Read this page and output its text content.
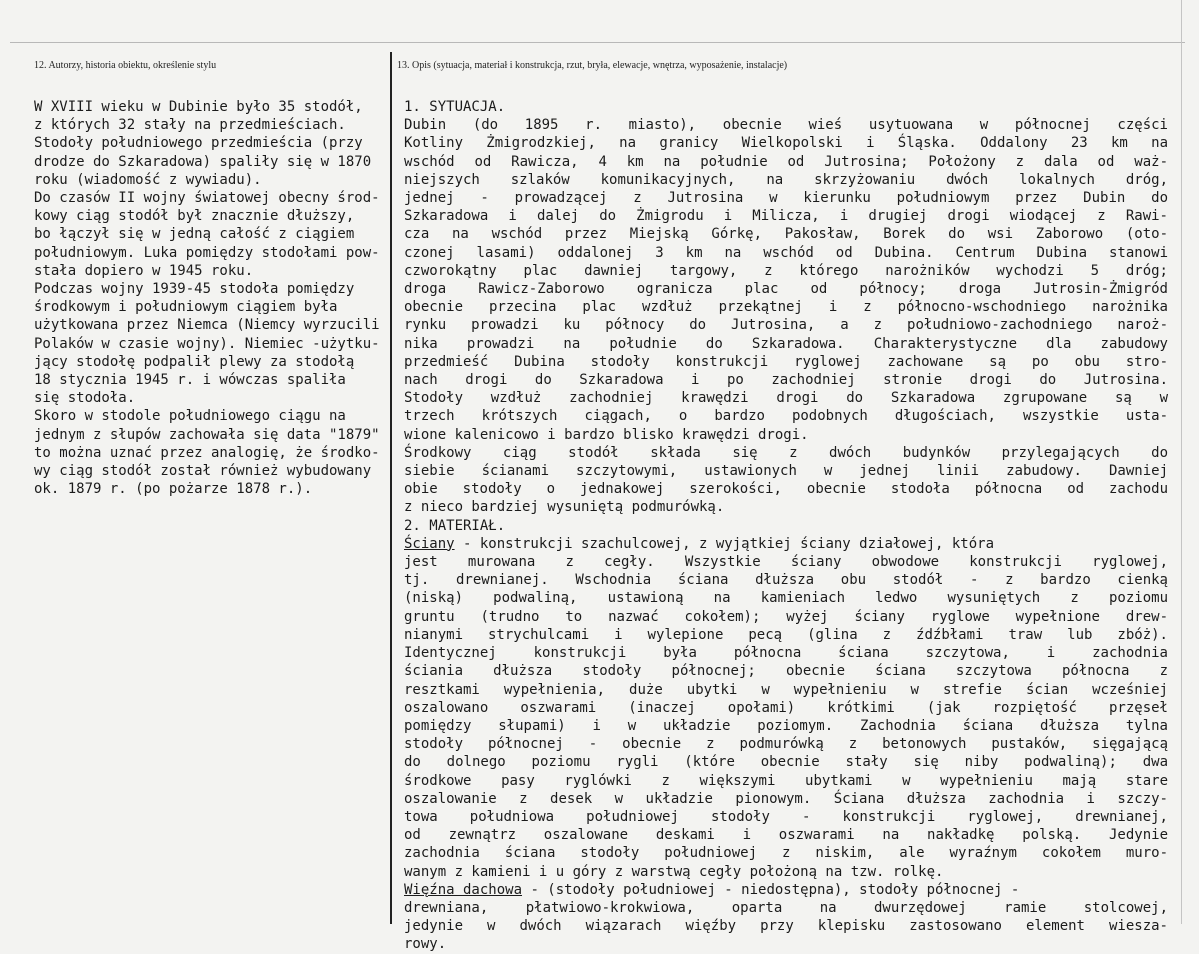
12. Autorzy, historia obiektu, określenie stylu	13. Opis (sytuacja, materiał i konstrukcja, rzut, bryła, elewacje, wnętrza, wyposażenie, instalacje)
W XVIII wieku w Dubinie było 35 stodół,
z których 32 stały na przedmieściach.
Stodoły południowego przedmieścia (przy
drodze do Szkaradowa) spaliły się w 1870
roku (wiadomość z wywiadu).
Do czasów II wojny światowej obecny środ-
kowy ciąg stodół był znacznie dłuższy,
bo łączył się w jedną całość z ciągiem
południowym. Luka pomiędzy stodołami pow-
stała dopiero w 1945 roku.
Podczas wojny 1939-45 stodoła pomiędzy
środkowym i południowym ciągiem była
użytkowana przez Niemca (Niemcy wyrzucili
Polaków w czasie wojny). Niemiec -użytku-
jący stodołę podpalił plewy za stodołą
18 stycznia 1945 r. i wówczas spaliła
się stodoła.
Skoro w stodole południowego ciągu na
jednym z słupów zachowała się data "1879"
to można uznać przez analogię, że środko-
wy ciąg stodół został również wybudowany
ok. 1879 r. (po pożarze 1878 r.).
1. SYTUACJA.
Dubin (do 1895 r. miasto), obecnie wieś usytuowana w północnej części
Kotliny Żmigrodzkiej, na granicy Wielkopolski i Śląska. Oddalony 23 km na
wschód od Rawicza, 4 km na południe od Jutrosina; Położony z dala od waż-
niejszych szlaków komunikacyjnych, na skrzyżowaniu dwóch lokalnych dróg,
jednej - prowadzącej z Jutrosina w kierunku południowym przez Dubin do
Szkaradowa i dalej do Żmigrodu i Milicza, i drugiej drogi wiodącej z Rawi-
cza na wschód przez Miejską Górkę, Pakosław, Borek do wsi Zaborowo (oto-
czonej lasami) oddalonej 3 km na wschód od Dubina. Centrum Dubina stanowi
czworokątny plac dawniej targowy, z którego narożników wychodzi 5 dróg;
droga Rawicz-Zaborowo ogranicza plac od północy; droga Jutrosin-Żmigród
obecnie przecina plac wzdłuż przekątnej i z północno-wschodniego narożnika
rynku prowadzi ku północy do Jutrosina, a z południowo-zachodniego naroż-
nika prowadzi na południe do Szkaradowa. Charakterystyczne dla zabudowy
przedmieść Dubina stodoły konstrukcji ryglowej zachowane są po obu stro-
nach drogi do Szkaradowa i po zachodniej stronie drogi do Jutrosina.
Stodoły wzdłuż zachodniej krawędzi drogi do Szkaradowa zgrupowane są w
trzech krótszych ciągach, o bardzo podobnych długościach, wszystkie usta-
wione kalenicowo i bardzo blisko krawędzi drogi.
Środkowy ciąg stodół składa się z dwóch budynków przylegających do
siebie ścianami szczytowymi, ustawionych w jednej linii zabudowy. Dawniej
obie stodoły o jednakowej szerokości, obecnie stodoła północna od zachodu
z nieco bardziej wysuniętą podmurówką.
2. MATERIAŁ.
Ściany - konstrukcji szachulcowej, z wyjątkiej ściany działowej, która
jest murowana z cegły. Wszystkie ściany obwodowe konstrukcji ryglowej,
tj. drewnianej. Wschodnia ściana dłuższa obu stodół - z bardzo cienką
(niską) podwaliną, ustawioną na kamieniach ledwo wysuniętych z poziomu
gruntu (trudno to nazwać cokołem); wyżej ściany ryglowe wypełnione drew-
nianymi strychulcami i wylepione pecą (glina z źdźbłami traw lub zbóż).
Identycznej konstrukcji była północna ściana szczytowa, i zachodnia
ściania dłuższa stodoły północnej; obecnie ściana szczytowa północna z
resztkami wypełnienia, duże ubytki w wypełnieniu w strefie ścian wcześniej
oszalowano oszwarami (inaczej opołami) krótkimi (jak rozpiętość przęseł
pomiędzy słupami) i w układzie poziomym. Zachodnia ściana dłuższa tylna
stodoły północnej - obecnie z podmurówką z betonowych pustaków, sięgającą
do dolnego poziomu rygli (które obecnie stały się niby podwaliną); dwa
środkowe pasy ryglówki z większymi ubytkami w wypełnieniu mają stare
oszalowanie z desek w układzie pionowym. Ściana dłuższa zachodnia i szczy-
towa południowa południowej stodoły - konstrukcji ryglowej, drewnianej,
od zewnątrz oszalowane deskami i oszwarami na nakładkę polską. Jedynie
zachodnia ściana stodoły południowej z niskim, ale wyraźnym cokołem muro-
wanym z kamieni i u góry z warstwą cegły położoną na tzw. rolkę.
Więźna dachowa - (stodoły południowej - niedostępna), stodoły północnej -
drewniana, płatwiowo-krokwiowa, oparta na dwurzędowej ramie stolcowej,
jedynie w dwóch wiązarach więźby przy klepisku zastosowano element wiesza-
rowy.
